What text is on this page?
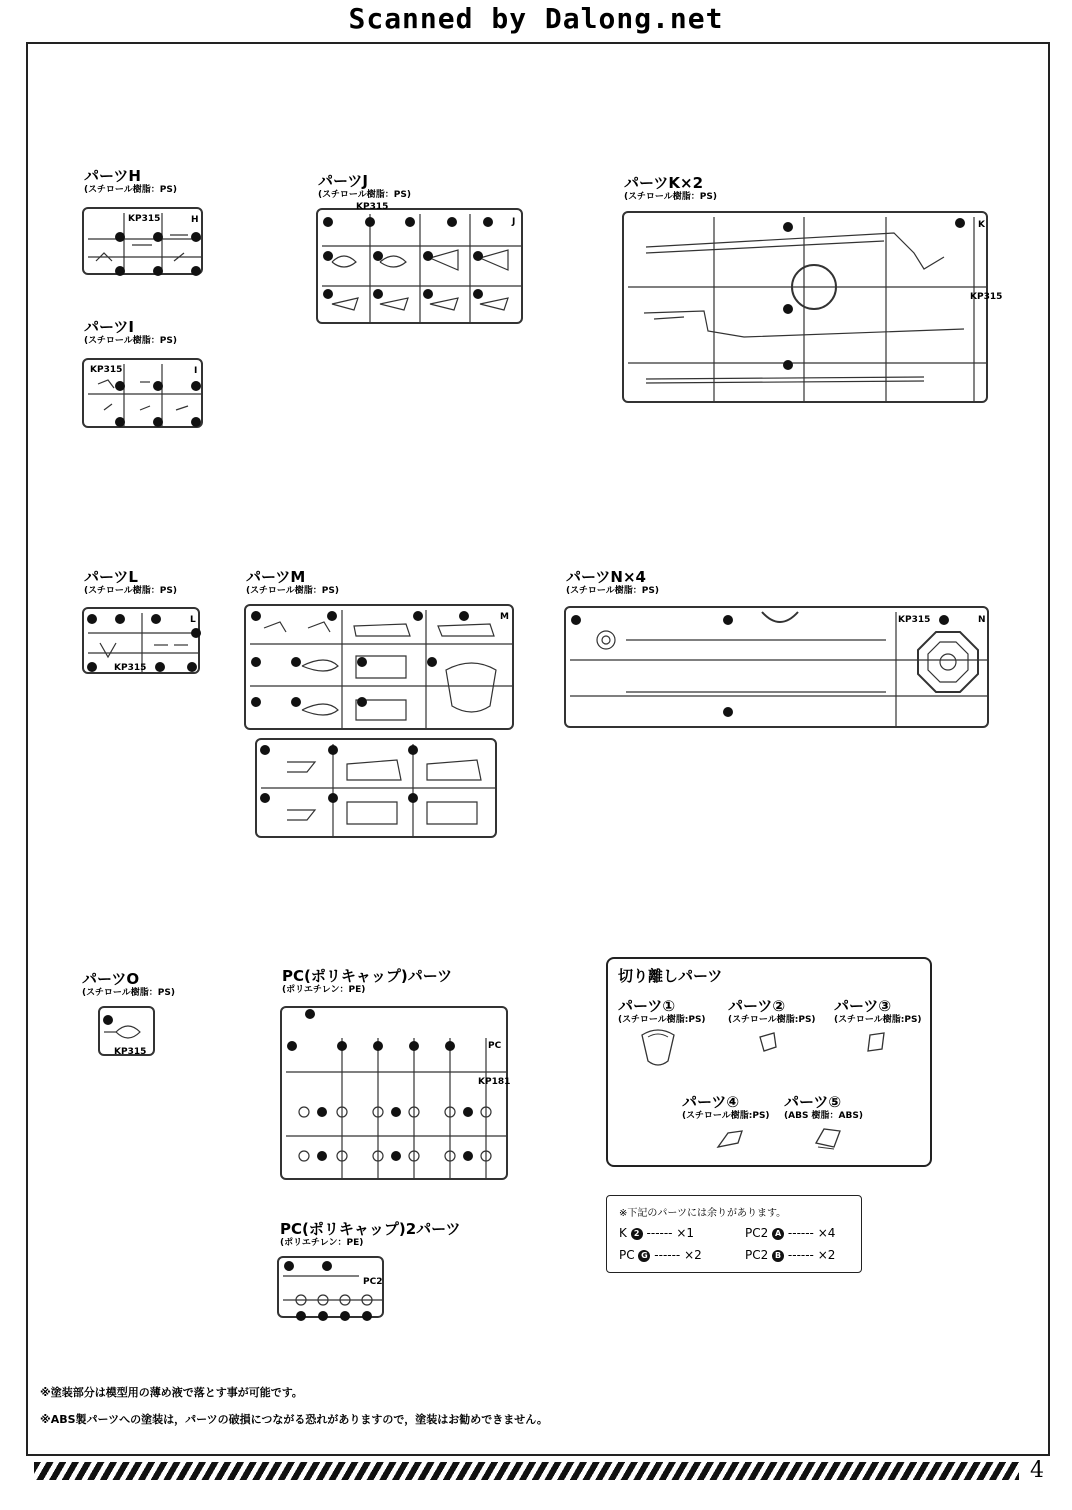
Scanned by Dalong.net
パーツH
(スチロール樹脂：PS)
KP315	H
パーツI
(スチロール樹脂：PS)
KP315	I
パーツJ
(スチロール樹脂：PS)
KP315
J
パーツK×2
(スチロール樹脂：PS)
KP315
K
パーツL
(スチロール樹脂：PS)
KP315
L
パーツM
(スチロール樹脂：PS)
M
パーツN×4
(スチロール樹脂：PS)
KP315	N
パーツO
(スチロール樹脂：PS)
KP315
PC(ポリキャップ)パーツ
(ポリエチレン：PE)
KP181
PC
PC(ポリキャップ)2パーツ
(ポリエチレン：PE)
PC2
切り離しパーツ
パーツ①
(スチロール樹脂:PS)
パーツ②
(スチロール樹脂:PS)
パーツ③
(スチロール樹脂:PS)
パーツ④
(スチロール樹脂:PS)
パーツ⑤
(ABS 樹脂：ABS)
※下記のパーツには余りがあります。
K 2 ------ ×1	PC2 A ------ ×4
PC G ------ ×2	PC2 B ------ ×2
※塗装部分は模型用の薄め液で落とす事が可能です。
※ABS製パーツへの塗装は，パーツの破損につながる恐れがありますので，塗装はお勧めできません。
4
